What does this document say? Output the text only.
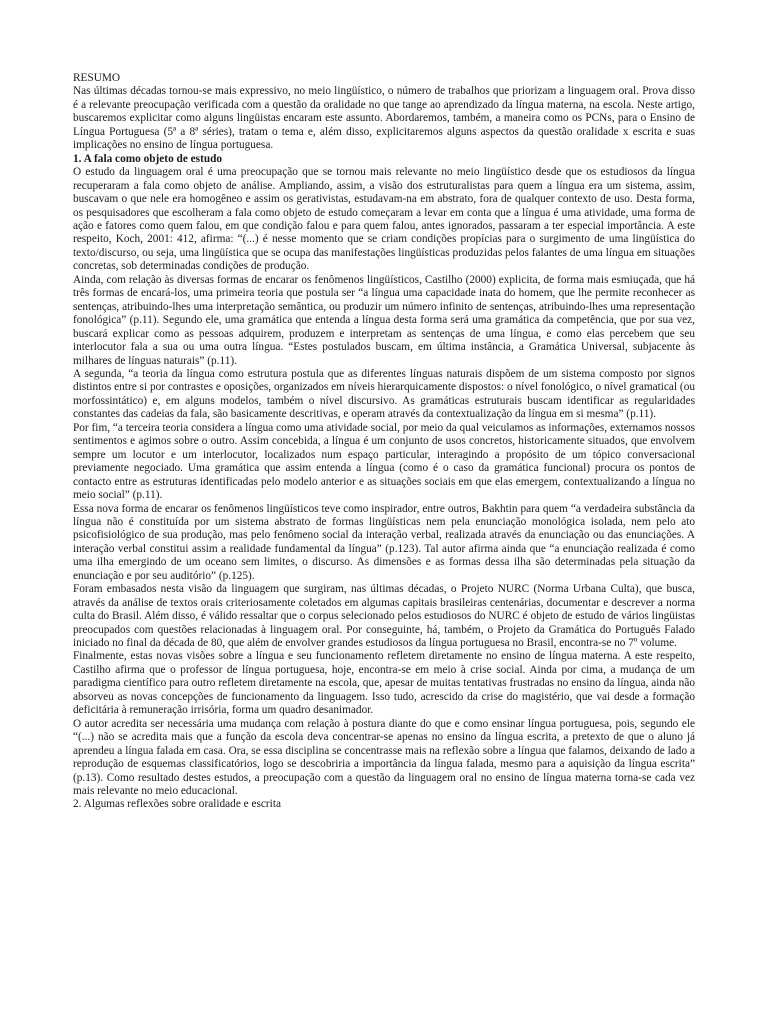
RESUMO

Nas últimas décadas tornou-se mais expressivo, no meio lingüístico, o número de trabalhos que priorizam a linguagem oral. Prova disso é a relevante preocupação verificada com a questão da oralidade no que tange ao aprendizado da língua materna, na escola. Neste artigo, buscaremos explicitar como alguns lingüistas encaram este assunto. Abordaremos, também, a maneira como os PCNs, para o Ensino de Língua Portuguesa (5ª a 8ª séries), tratam o tema e, além disso, explicitaremos alguns aspectos da questão oralidade x escrita e suas implicações no ensino de língua portuguesa.

1. A fala como objeto de estudo

O estudo da linguagem oral é uma preocupação que se tornou mais relevante no meio lingüístico desde que os estudiosos da língua recuperaram a fala como objeto de análise. Ampliando, assim, a visão dos estruturalistas para quem a língua era um sistema, assim, buscavam o que nele era homogêneo e assim os gerativistas, estudavam-na em abstrato, fora de qualquer contexto de uso. Desta forma, os pesquisadores que escolheram a fala como objeto de estudo começaram a levar em conta que a língua é uma atividade, uma forma de ação e fatores como quem falou, em que condição falou e para quem falou, antes ignorados, passaram a ter especial importância. A este respeito, Koch, 2001: 412, afirma: “(...) é nesse momento que se criam condições propícias para o surgimento de uma lingüística do texto/discurso, ou seja, uma lingüística que se ocupa das manifestações lingüísticas produzidas pelos falantes de uma língua em situações concretas, sob determinadas condições de produção.

Ainda, com relação às diversas formas de encarar os fenômenos lingüísticos, Castilho (2000) explicita, de forma mais esmiuçada, que há três formas de encará-los, uma primeira teoria que postula ser “a língua uma capacidade inata do homem, que lhe permite reconhecer as sentenças, atribuindo-lhes uma interpretação semântica, ou produzir um número infinito de sentenças, atribuindo-lhes uma representação fonológica” (p.11). Segundo ele, uma gramática que entenda a língua desta forma será uma gramática da competência, que por sua vez, buscará explicar como as pessoas adquirem, produzem e interpretam as sentenças de uma língua, e como elas percebem que seu interlocutor fala a sua ou uma outra língua. “Estes postulados buscam, em última instância, a Gramática Universal, subjacente às milhares de línguas naturais” (p.11).

A segunda, “a teoria da língua como estrutura postula que as diferentes línguas naturais dispõem de um sistema composto por signos distintos entre si por contrastes e oposições, organizados em níveis hierarquicamente dispostos: o nível fonológico, o nível gramatical (ou morfossintático) e, em alguns modelos, também o nível discursivo. As gramáticas estruturais buscam identificar as regularidades constantes das cadeias da fala, são basicamente descritivas, e operam através da contextualização da língua em si mesma” (p.11).

Por fim, “a terceira teoria considera a língua como uma atividade social, por meio da qual veiculamos as informações, externamos nossos sentimentos e agimos sobre o outro. Assim concebida, a língua é um conjunto de usos concretos, historicamente situados, que envolvem sempre um locutor e um interlocutor, localizados num espaço particular, interagindo a propósito de um tópico conversacional previamente negociado. Uma gramática que assim entenda a língua (como é o caso da gramática funcional) procura os pontos de contacto entre as estruturas identificadas pelo modelo anterior e as situações sociais em que elas emergem, contextualizando a língua no meio social” (p.11).

Essa nova forma de encarar os fenômenos lingüísticos teve como inspirador, entre outros, Bakhtin para quem “a verdadeira substância da língua não é constituída por um sistema abstrato de formas lingüísticas nem pela enunciação monológica isolada, nem pelo ato psicofisiológico de sua produção, mas pelo fenômeno social da interação verbal, realizada através da enunciação ou das enunciações. A interação verbal constitui assim a realidade fundamental da língua” (p.123). Tal autor afirma ainda que “a enunciação realizada é como uma ilha emergindo de um oceano sem limites, o discurso. As dimensões e as formas dessa ilha são determinadas pela situação da enunciação e por seu auditório” (p.125).

Foram embasados nesta visão da linguagem que surgiram, nas últimas décadas, o Projeto NURC (Norma Urbana Culta), que busca, através da análise de textos orais criteriosamente coletados em algumas capitais brasileiras centenárias, documentar e descrever a norma culta do Brasil. Além disso, é válido ressaltar que o corpus selecionado pelos estudiosos do NURC é objeto de estudo de vários lingüistas preocupados com questões relacionadas à linguagem oral. Por conseguinte, há, também, o Projeto da Gramática do Português Falado iniciado no final da década de 80, que além de envolver grandes estudiosos da língua portuguesa no Brasil, encontra-se no 7º volume.

Finalmente, estas novas visões sobre a língua e seu funcionamento refletem diretamente no ensino de língua materna. A este respeito, Castilho afirma que o professor de língua portuguesa, hoje, encontra-se em meio à crise social. Ainda por cima, a mudança de um paradigma científico para outro refletem diretamente na escola, que, apesar de muitas tentativas frustradas no ensino da língua, ainda não absorveu as novas concepções de funcionamento da linguagem. Isso tudo, acrescido da crise do magistério, que vai desde a formação deficitária à remuneração irrisória, forma um quadro desanimador.

O autor acredita ser necessária uma mudança com relação à postura diante do que e como ensinar língua portuguesa, pois, segundo ele “(...) não se acredita mais que a função da escola deva concentrar-se apenas no ensino da língua escrita, a pretexto de que o aluno já aprendeu a língua falada em casa. Ora, se essa disciplina se concentrasse mais na reflexão sobre a língua que falamos, deixando de lado a reprodução de esquemas classificatórios, logo se descobriria a importância da língua falada, mesmo para a aquisição da língua escrita” (p.13). Como resultado destes estudos, a preocupação com a questão da linguagem oral no ensino de língua materna torna-se cada vez mais relevante no meio educacional.

2. Algumas reflexões sobre oralidade e escrita
